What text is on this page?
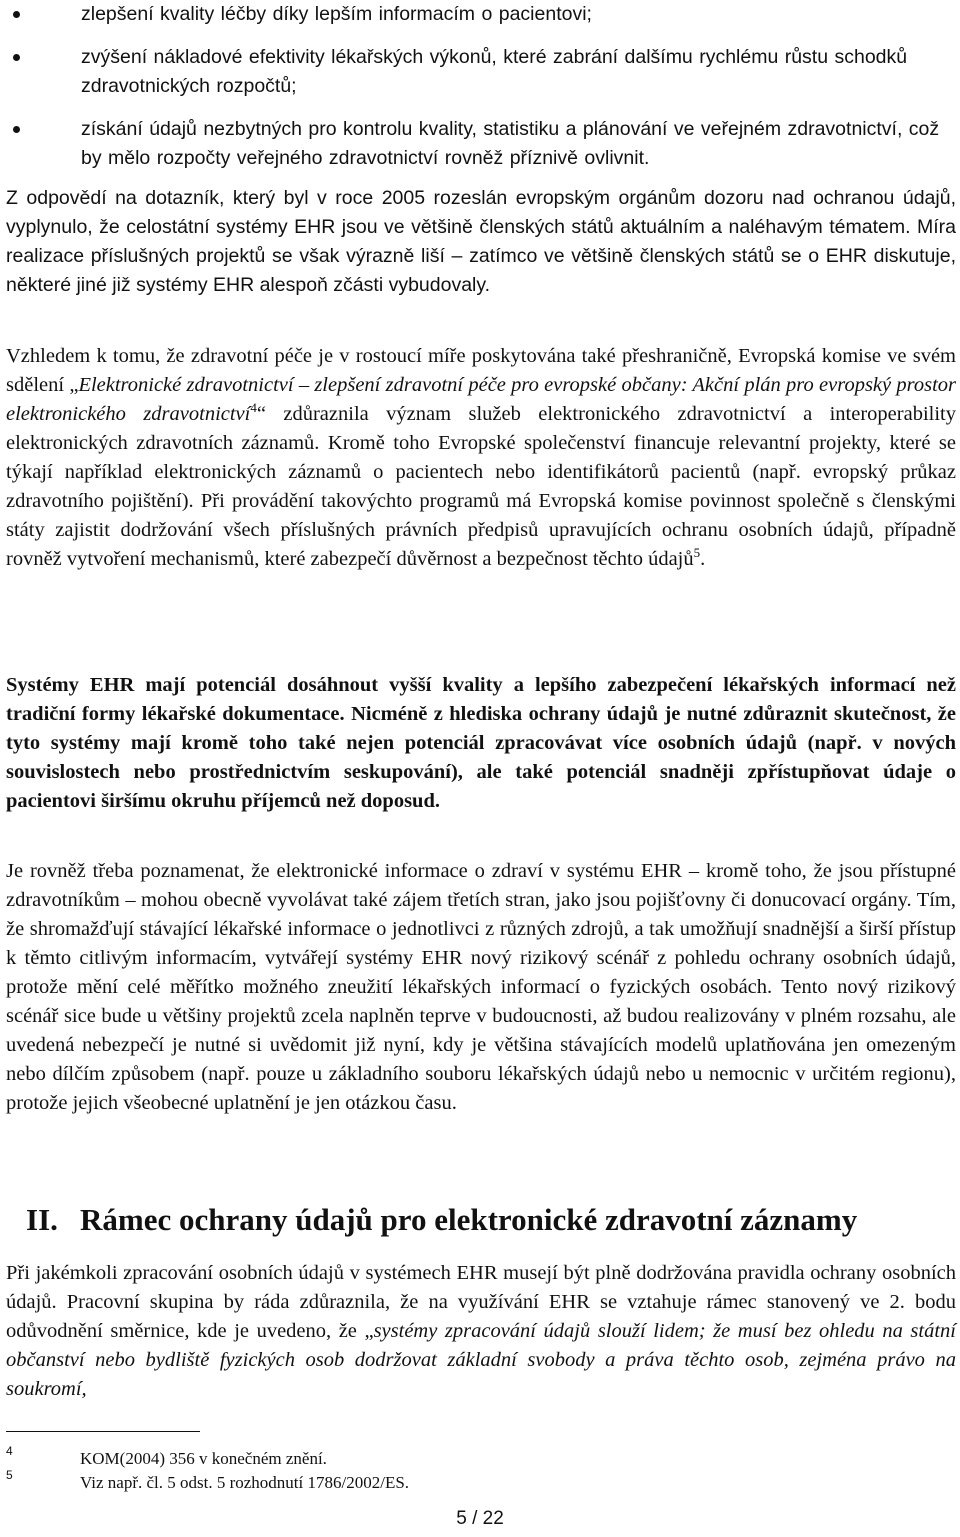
zlepšení kvality léčby díky lepším informacím o pacientovi;
zvýšení nákladové efektivity lékařských výkonů, které zabrání dalšímu rychlému růstu schodků zdravotnických rozpočtů;
získání údajů nezbytných pro kontrolu kvality, statistiku a plánování ve veřejném zdravotnictví, což by mělo rozpočty veřejného zdravotnictví rovněž příznivě ovlivnit.

Z odpovědí na dotazník, který byl v roce 2005 rozeslán evropským orgánům dozoru nad ochranou údajů, vyplynulo, že celostátní systémy EHR jsou ve většině členských států aktuálním a naléhavým tématem. Míra realizace příslušných projektů se však výrazně liší – zatímco ve většině členských států se o EHR diskutuje, některé jiné již systémy EHR alespoň zčásti vybudovaly.

Vzhledem k tomu, že zdravotní péče je v rostoucí míře poskytována také přeshraničně, Evropská komise ve svém sdělení „Elektronické zdravotnictví – zlepšení zdravotní péče pro evropské občany: Akční plán pro evropský prostor elektronického zdravotnictví$^4$“ zdůraznila význam služeb elektronického zdravotnictví a interoperability elektronických zdravotních záznamů. Kromě toho Evropské společenství financuje relevantní projekty, které se týkají například elektronických záznamů o pacientech nebo identifikátorů pacientů (např. evropský průkaz zdravotního pojištění). Při provádění takovýchto programů má Evropská komise povinnost společně s členskými státy zajistit dodržování všech příslušných právních předpisů upravujících ochranu osobních údajů, případně rovněž vytvoření mechanismů, které zabezpečí důvěrnost a bezpečnost těchto údajů$^5$.

Systémy EHR mají potenciál dosáhnout vyšší kvality a lepšího zabezpečení lékařských informací než tradiční formy lékařské dokumentace. Nicméně z hlediska ochrany údajů je nutné zdůraznit skutečnost, že tyto systémy mají kromě toho také nejen potenciál zpracovávat více osobních údajů (např. v nových souvislostech nebo prostřednictvím seskupování), ale také potenciál snadněji zpřístupňovat údaje o pacientovi širšímu okruhu příjemců než doposud.

Je rovněž třeba poznamenat, že elektronické informace o zdraví v systému EHR – kromě toho, že jsou přístupné zdravotníkům – mohou obecně vyvolávat také zájem třetích stran, jako jsou pojišťovny či donucovací orgány. Tím, že shromažďují stávající lékařské informace o jednotlivci z různých zdrojů, a tak umožňují snadnější a širší přístup k těmto citlivým informacím, vytvářejí systémy EHR nový rizikový scénář z pohledu ochrany osobních údajů, protože mění celé měřítko možného zneužití lékařských informací o fyzických osobách. Tento nový rizikový scénář sice bude u většiny projektů zcela naplněn teprve v budoucnosti, až budou realizovány v plném rozsahu, ale uvedená nebezpečí je nutné si uvědomit již nyní, kdy je většina stávajících modelů uplatňována jen omezeným nebo dílčím způsobem (např. pouze u základního souboru lékařských údajů nebo u nemocnic v určitém regionu), protože jejich všeobecné uplatnění je jen otázkou času.

II. Rámec ochrany údajů pro elektronické zdravotní záznamy

Při jakémkoli zpracování osobních údajů v systémech EHR musejí být plně dodržována pravidla ochrany osobních údajů. Pracovní skupina by ráda zdůraznila, že na využívání EHR se vztahuje rámec stanovený ve 2. bodu odůvodnění směrnice, kde je uvedeno, že „systémy zpracování údajů slouží lidem; že musí bez ohledu na státní občanství nebo bydliště fyzických osob dodržovat základní svobody a práva těchto osob, zejména právo na soukromí,

4	KOM(2004) 356 v konečném znění.
5	Viz např. čl. 5 odst. 5 rozhodnutí 1786/2002/ES.
5 / 22
